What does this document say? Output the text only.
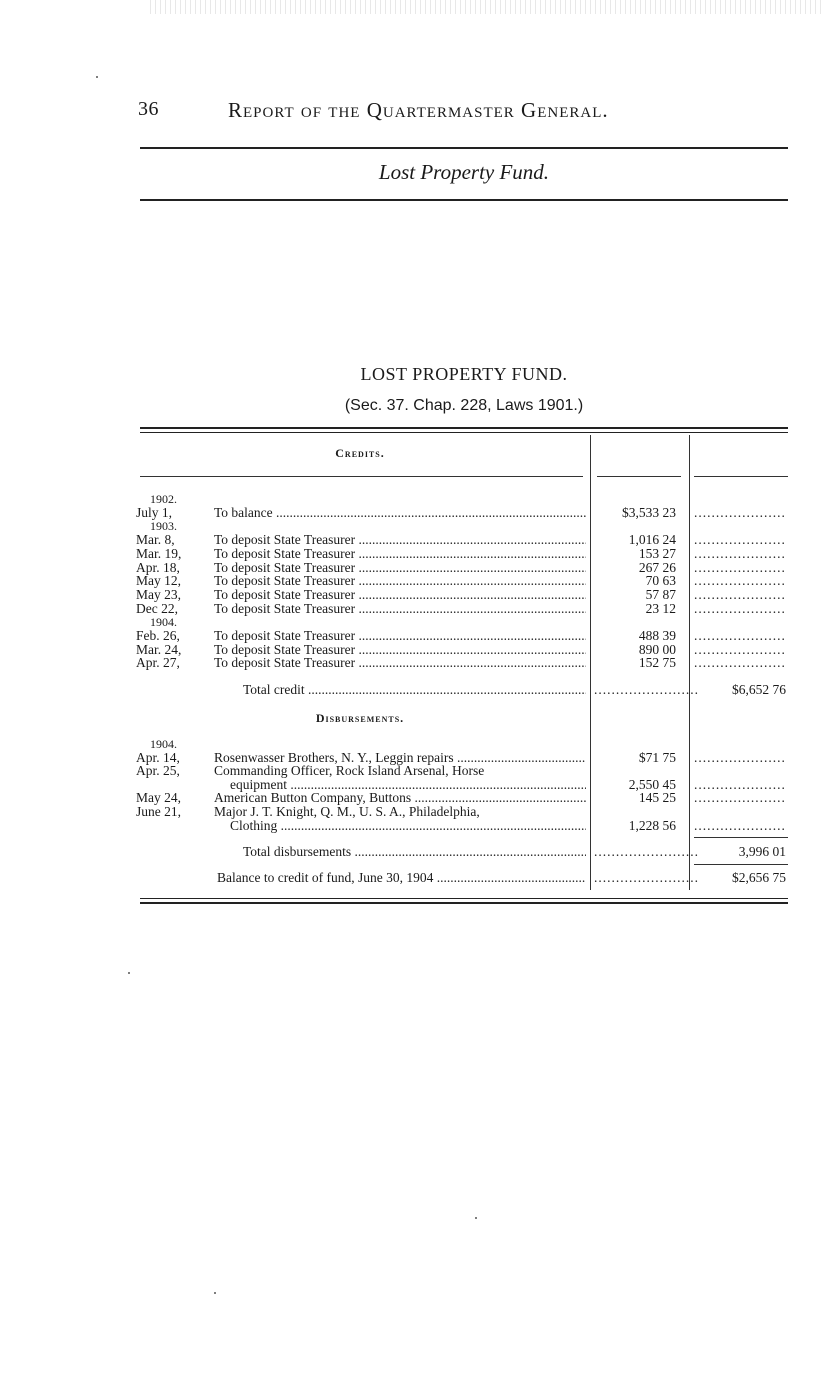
36	Report of the Quartermaster General.
Lost Property Fund.
LOST PROPERTY FUND.
(Sec. 37. Chap. 228, Laws 1901.)
Credits.
1902.
July 1,	To balance .....	$3,533 23
.....
1903.
Mar. 8,	To deposit State Treasurer .....	1,016 24
.....
Mar. 19,	To deposit State Treasurer .....	153 27
.....
Apr. 18,	To deposit State Treasurer .....	267 26
.....
May 12,	To deposit State Treasurer .....	70 63
.....
May 23,	To deposit State Treasurer .....	57 87
.....
Dec 22,	To deposit State Treasurer .....	23 12
.....
1904.
Feb. 26,	To deposit State Treasurer .....	488 39
.....
Mar. 24,	To deposit State Treasurer .....	890 00
.....
Apr. 27,	To deposit State Treasurer .....	152 75
.....
Total credit ..... .....	$6,652 76
Disbursements.
1904.
Apr. 14,	Rosenwasser Brothers, N. Y., Leggin repairs .....	$71 75
.....
Apr. 25,	Commanding Officer, Rock Island Arsenal, Horse
equipment .....	2,550 45
.....
May 24,	American Button Company, Buttons .....	145 25
.....
June 21,	Major J. T. Knight, Q. M., U. S. A., Philadelphia,
Clothing .....	1,228 56
.....
Total disbursements ..... .....	3,996 01
Balance to credit of fund, June 30, 1904 ..... .....	$2,656 75
